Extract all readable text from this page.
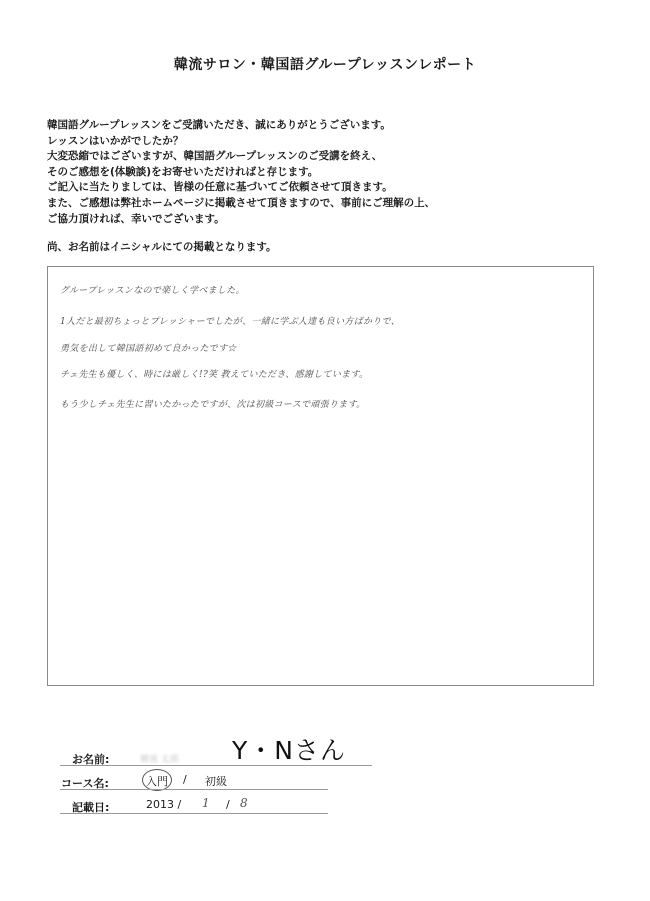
韓流サロン・韓国語グループレッスンレポート
韓国語グループレッスンをご受講いただき、誠にありがとうございます。
レッスンはいかがでしたか？
大変恐縮ではございますが、韓国語グループレッスンのご受講を終え、
そのご感想を(体験談)をお寄せいただければと存じます。
ご記入に当たりましては、皆様の任意に基づいてご依頼させて頂きます。
また、ご感想は弊社ホームページに掲載させて頂きますので、事前にご理解の上、
ご協力頂ければ、幸いでございます。
尚、お名前はイニシャルにての掲載となります。
グループレッスンなので楽しく学べました。
1人だと最初ちょっとプレッシャーでしたが、一緒に学ぶ人達も良い方ばかりで、
勇気を出して韓国語初めて良かったです☆
チェ先生も優しく、時には厳しく!?笑 教えていただき、感謝しています。
もう少しチェ先生に習いたかったですが、次は初級コースで頑張ります。
お名前:	韓流 太郎 Y・Nさん
コース名:	入門 / 初級
記載日:	2013 / 1 / 8
